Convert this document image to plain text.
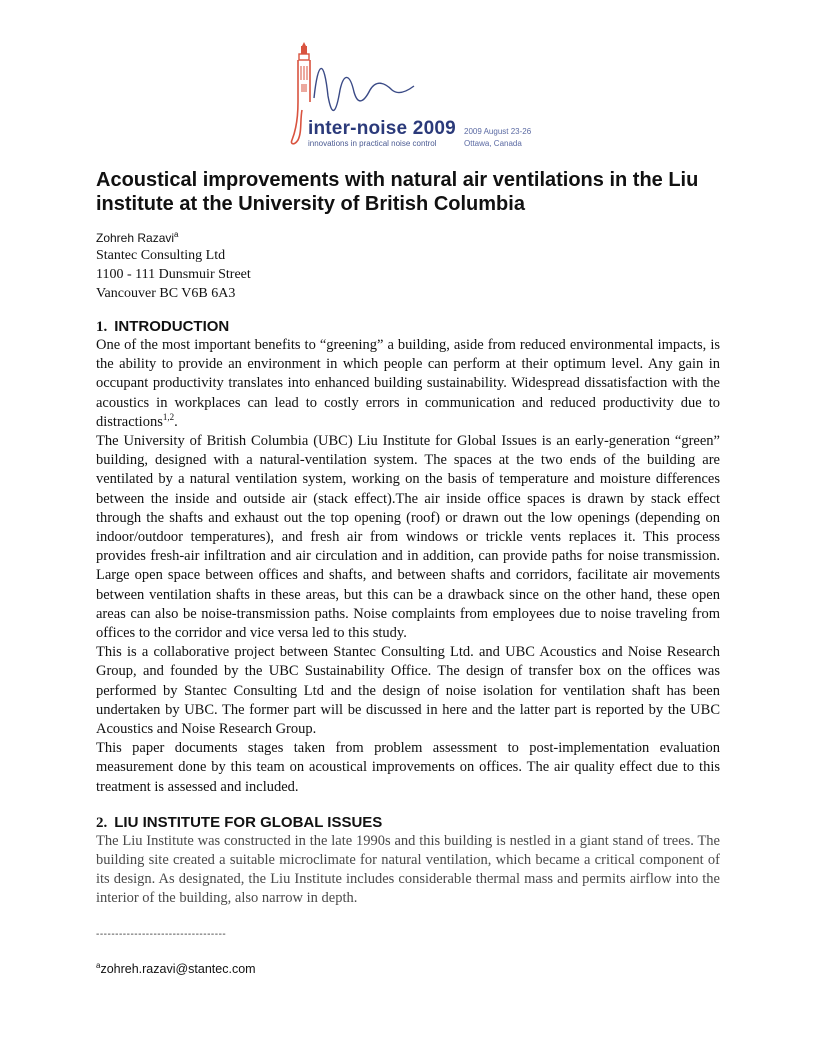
inter-noise 2009
innovations in practical noise control
2009 August 23-26
Ottawa, Canada
Acoustical improvements with natural air ventilations in the Liu institute at the University of British Columbia
Zohreh Razavi$^a$
Stantec Consulting Ltd
1100 - 111 Dunsmuir Street
Vancouver BC V6B 6A3
1. INTRODUCTION

One of the most important benefits to “greening” a building, aside from reduced environmental impacts, is the ability to provide an environment in which people can perform at their optimum level. Any gain in occupant productivity translates into enhanced building sustainability. Widespread dissatisfaction with the acoustics in workplaces can lead to costly errors in communication and reduced productivity due to distractions$^{1,2}$.

The University of British Columbia (UBC) Liu Institute for Global Issues is an early-generation “green” building, designed with a natural-ventilation system. The spaces at the two ends of the building are ventilated by a natural ventilation system, working on the basis of temperature and moisture differences between the inside and outside air (stack effect).The air inside office spaces is drawn by stack effect through the shafts and exhaust out the top opening (roof) or drawn out the low openings (depending on indoor/outdoor temperatures), and fresh air from windows or trickle vents replaces it. This process provides fresh-air infiltration and air circulation and in addition, can provide paths for noise transmission. Large open space between offices and shafts, and between shafts and corridors, facilitate air movements between ventilation shafts in these areas, but this can be a drawback since on the other hand, these open areas can also be noise-transmission paths. Noise complaints from employees due to noise traveling from offices to the corridor and vice versa led to this study.

This is a collaborative project between Stantec Consulting Ltd. and UBC Acoustics and Noise Research Group, and founded by the UBC Sustainability Office. The design of transfer box on the offices was performed by Stantec Consulting Ltd and the design of noise isolation for ventilation shaft has been undertaken by UBC. The former part will be discussed in here and the latter part is reported by the UBC Acoustics and Noise Research Group.

This paper documents stages taken from problem assessment to post-implementation evaluation measurement done by this team on acoustical improvements on offices. The air quality effect due to this treatment is assessed and included.

2. LIU INSTITUTE FOR GLOBAL ISSUES

The Liu Institute was constructed in the late 1990s and this building is nestled in a giant stand of trees. The building site created a suitable microclimate for natural ventilation, which became a critical component of its design. As designated, the Liu Institute includes considerable thermal mass and permits airflow into the interior of the building, also narrow in depth.

----------------------------------
$^a$zohreh.razavi@stantec.com
